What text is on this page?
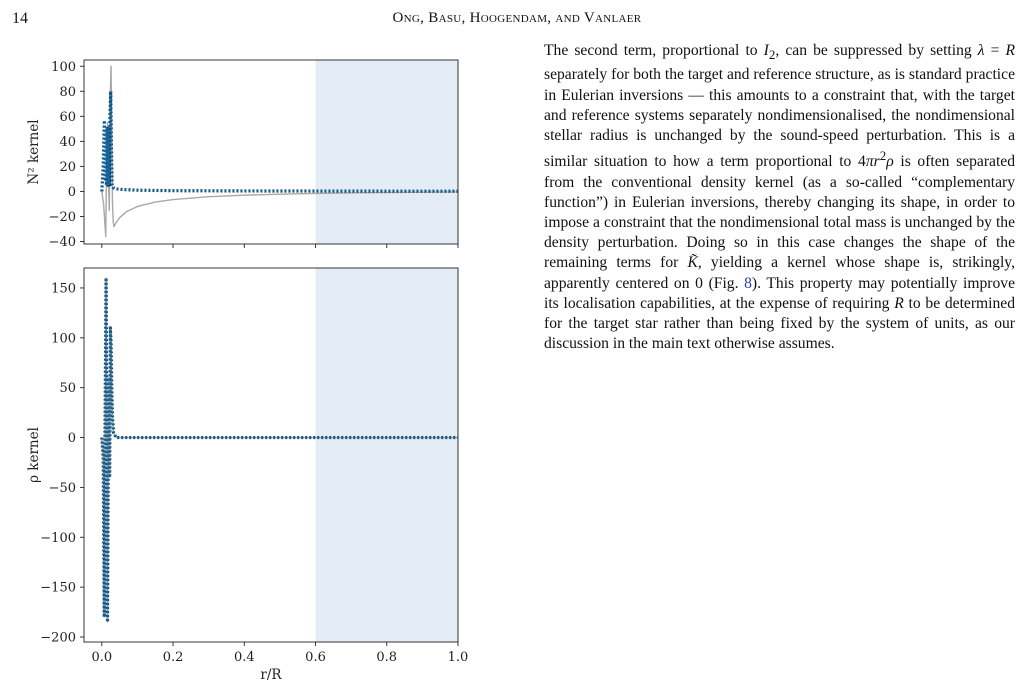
14	Ong, Basu, Hoogendam, and Vanlaer
100
80
60
40
20
0
−20
−40
N² kernel
150
100
50
0
−50
−100
−150
−200
0.0	0.2	0.4	0.6	0.8	1.0
ρ kernel
r/R

The second term, proportional to $I_2$, can be suppressed by setting λ = R separately for both the target and reference structure, as is standard practice in Eulerian inversions — this amounts to a constraint that, with the target and reference systems separately nondimensionalised, the nondimensional stellar radius is unchanged by the sound-speed perturbation. This is a similar situation to how a term proportional to $4\pi r^2\rho$ is often separated from the conventional density kernel (as a so-called “complementary function”) in Eulerian inversions, thereby changing its shape, in order to impose a constraint that the nondimensional total mass is unchanged by the density perturbation. Doing so in this case changes the shape of the remaining terms for K̃, yielding a kernel whose shape is, strikingly, apparently centered on 0 (Fig. 8). This property may potentially improve its localisation capabilities, at the expense of requiring R to be determined for the target star rather than being fixed by the system of units, as our discussion in the main text otherwise assumes.
